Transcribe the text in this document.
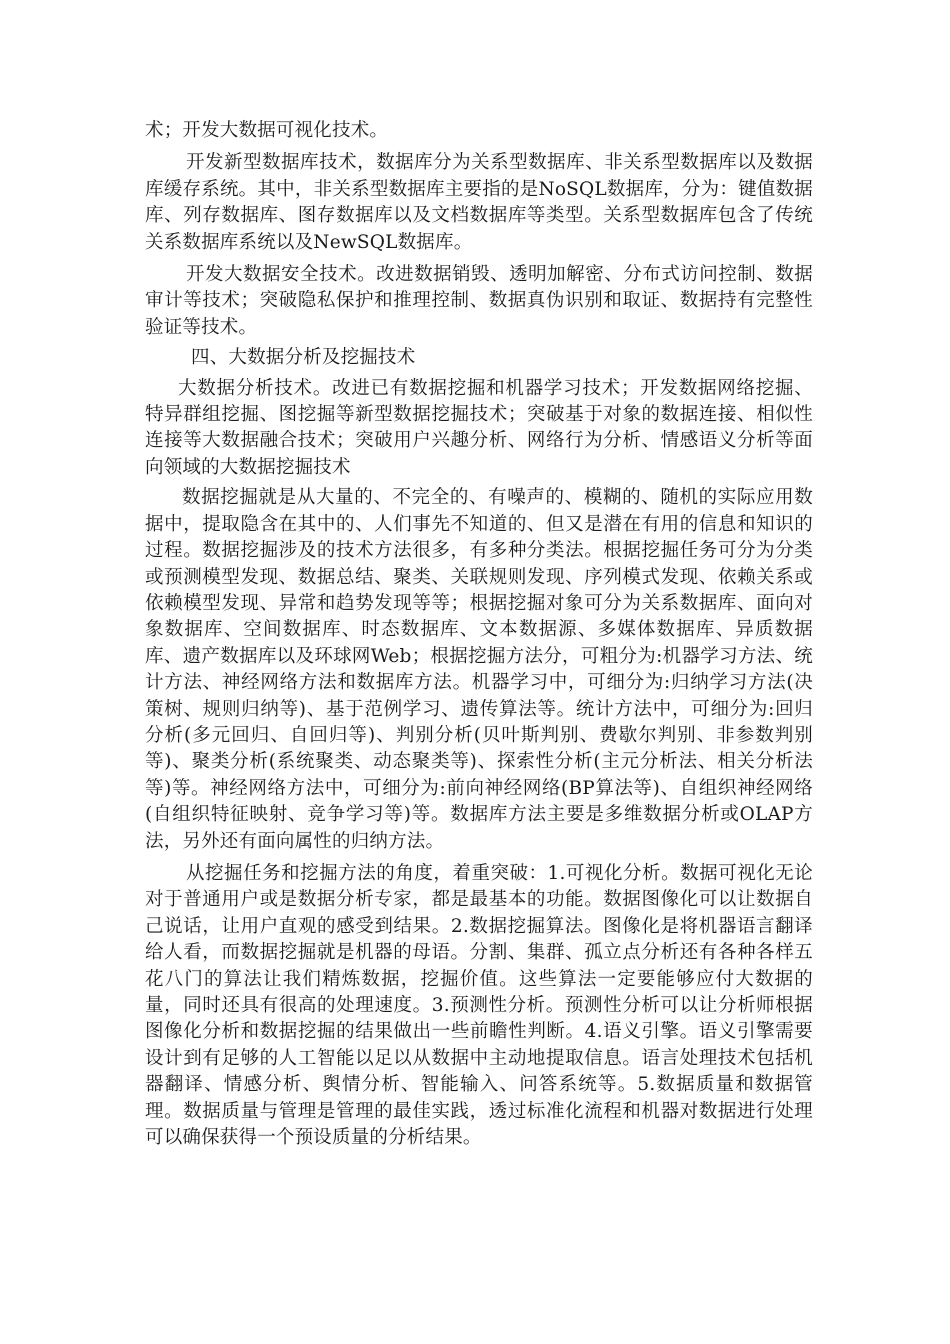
术；开发大数据可视化技术。

开发新型数据库技术，数据库分为关系型数据库、非关系型数据库以及数据库缓存系统。其中，非关系型数据库主要指的是NoSQL数据库，分为：键值数据库、列存数据库、图存数据库以及文档数据库等类型。关系型数据库包含了传统关系数据库系统以及NewSQL数据库。

开发大数据安全技术。改进数据销毁、透明加解密、分布式访问控制、数据审计等技术；突破隐私保护和推理控制、数据真伪识别和取证、数据持有完整性验证等技术。

四、大数据分析及挖掘技术

大数据分析技术。改进已有数据挖掘和机器学习技术；开发数据网络挖掘、特异群组挖掘、图挖掘等新型数据挖掘技术；突破基于对象的数据连接、相似性连接等大数据融合技术；突破用户兴趣分析、网络行为分析、情感语义分析等面向领域的大数据挖掘技术

数据挖掘就是从大量的、不完全的、有噪声的、模糊的、随机的实际应用数据中，提取隐含在其中的、人们事先不知道的、但又是潜在有用的信息和知识的过程。数据挖掘涉及的技术方法很多，有多种分类法。根据挖掘任务可分为分类或预测模型发现、数据总结、聚类、关联规则发现、序列模式发现、依赖关系或依赖模型发现、异常和趋势发现等等；根据挖掘对象可分为关系数据库、面向对象数据库、空间数据库、时态数据库、文本数据源、多媒体数据库、异质数据库、遗产数据库以及环球网Web；根据挖掘方法分，可粗分为:机器学习方法、统计方法、神经网络方法和数据库方法。机器学习中，可细分为:归纳学习方法(决策树、规则归纳等)、基于范例学习、遗传算法等。统计方法中，可细分为:回归分析(多元回归、自回归等)、判别分析(贝叶斯判别、费歇尔判别、非参数判别等)、聚类分析(系统聚类、动态聚类等)、探索性分析(主元分析法、相关分析法等)等。神经网络方法中，可细分为:前向神经网络(BP算法等)、自组织神经网络(自组织特征映射、竞争学习等)等。数据库方法主要是多维数据分析或OLAP方法，另外还有面向属性的归纳方法。

从挖掘任务和挖掘方法的角度，着重突破：1.可视化分析。数据可视化无论对于普通用户或是数据分析专家，都是最基本的功能。数据图像化可以让数据自己说话，让用户直观的感受到结果。2.数据挖掘算法。图像化是将机器语言翻译给人看，而数据挖掘就是机器的母语。分割、集群、孤立点分析还有各种各样五花八门的算法让我们精炼数据，挖掘价值。这些算法一定要能够应付大数据的量，同时还具有很高的处理速度。3.预测性分析。预测性分析可以让分析师根据图像化分析和数据挖掘的结果做出一些前瞻性判断。4.语义引擎。语义引擎需要设计到有足够的人工智能以足以从数据中主动地提取信息。语言处理技术包括机器翻译、情感分析、舆情分析、智能输入、问答系统等。5.数据质量和数据管理。数据质量与管理是管理的最佳实践，透过标准化流程和机器对数据进行处理可以确保获得一个预设质量的分析结果。
